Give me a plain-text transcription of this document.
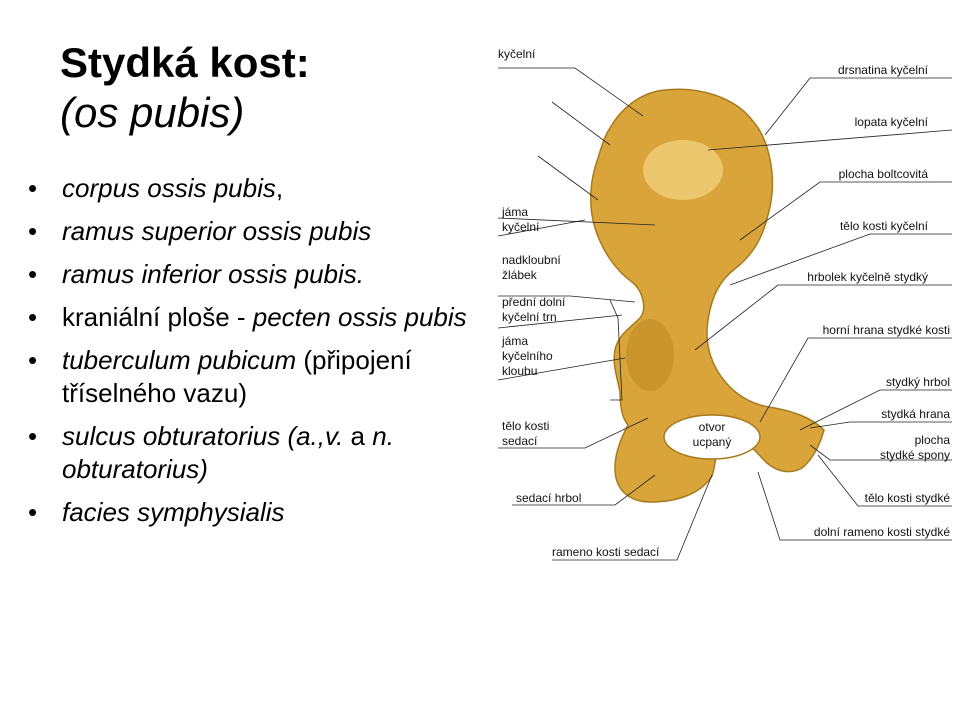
Stydká kost:
(os pubis)
• corpus ossis pubis,
• ramus superior ossis pubis
• ramus inferior ossis pubis.
• kraniální ploše - pecten ossis pubis
• tuberculum pubicum (připojení tříselného vazu)
• sulcus obturatorius (a.,v. a n. obturatorius)
• facies symphysialis
kyčelní
jáma
kyčelní
nadkloubní
žlábek
přední dolní
kyčelní trn
jáma
kyčelního
kloubu
tělo kosti
sedací
sedací hrbol
rameno kosti sedací
otvor
ucpaný
drsnatina kyčelní
lopata kyčelní
plocha boltcovitá
tělo kosti kyčelní
hrbolek kyčelně stydký
horní hrana stydké kosti
stydký hrbol
stydká hrana
plocha
stydké spony
tělo kosti stydké
dolní rameno kosti stydké
